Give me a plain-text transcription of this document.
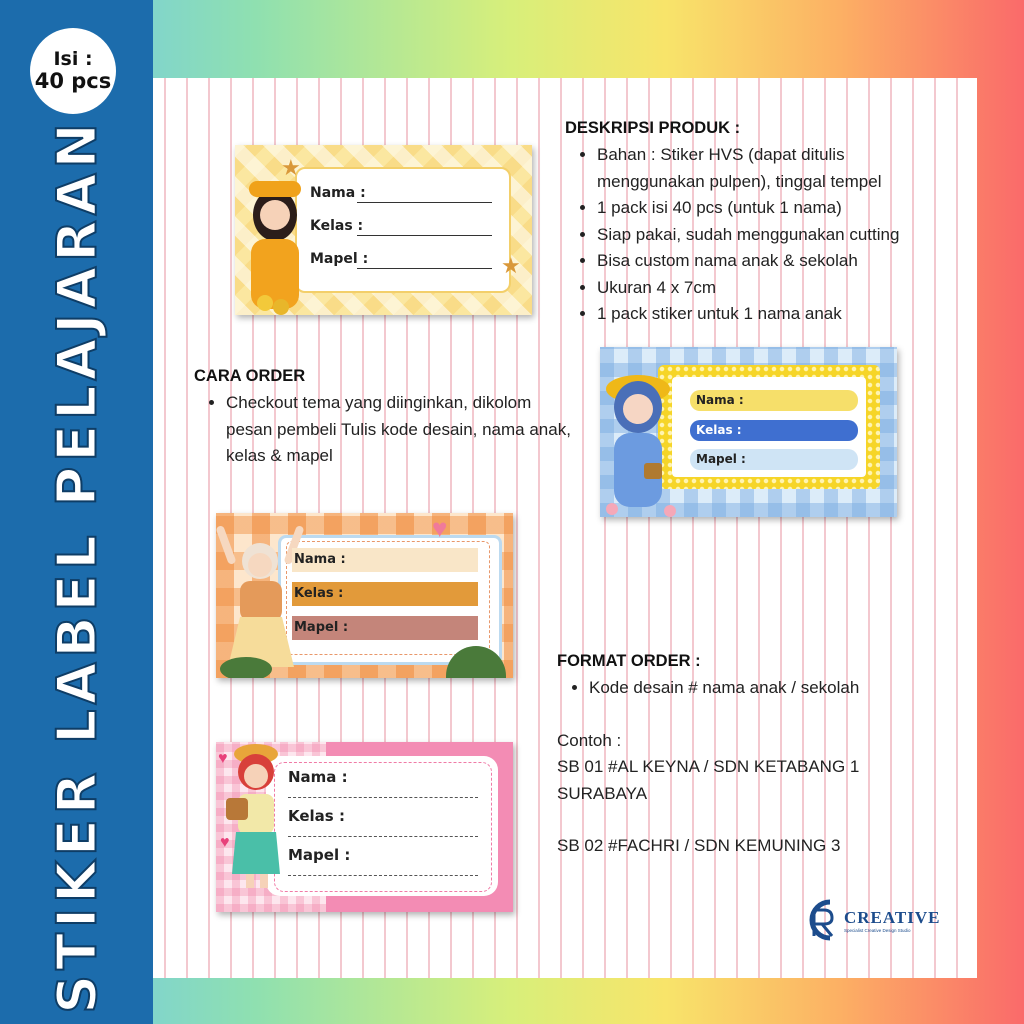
Isi :
40 pcs
STIKER LABEL PELAJARAN	★
★
Nama :
Kelas :
Mapel :
DESKRIPSI PRODUK :
• Bahan : Stiker HVS (dapat ditulis menggunakan pulpen), tinggal tempel
• 1 pack isi 40 pcs (untuk 1 nama)
• Siap pakai, sudah menggunakan cutting
• Bisa custom nama anak & sekolah
• Ukuran 4 x 7cm
• 1 pack stiker untuk 1 nama anak
Nama :
Kelas :
Mapel :
CARA ORDER
• Checkout tema yang diinginkan, dikolom pesan pembeli Tulis kode desain, nama anak, kelas & mapel
♥
Nama :
Kelas :
Mapel :
FORMAT ORDER :
• Kode desain # nama anak / sekolah

Contoh :

SB 01 #AL KEYNA / SDN KETABANG 1

SURABAYA

SB 02 #FACHRI / SDN KEMUNING 3

♥
♥
Nama :
Kelas :
Mapel :
CREATIVE
Specialist Creative Design Studio
